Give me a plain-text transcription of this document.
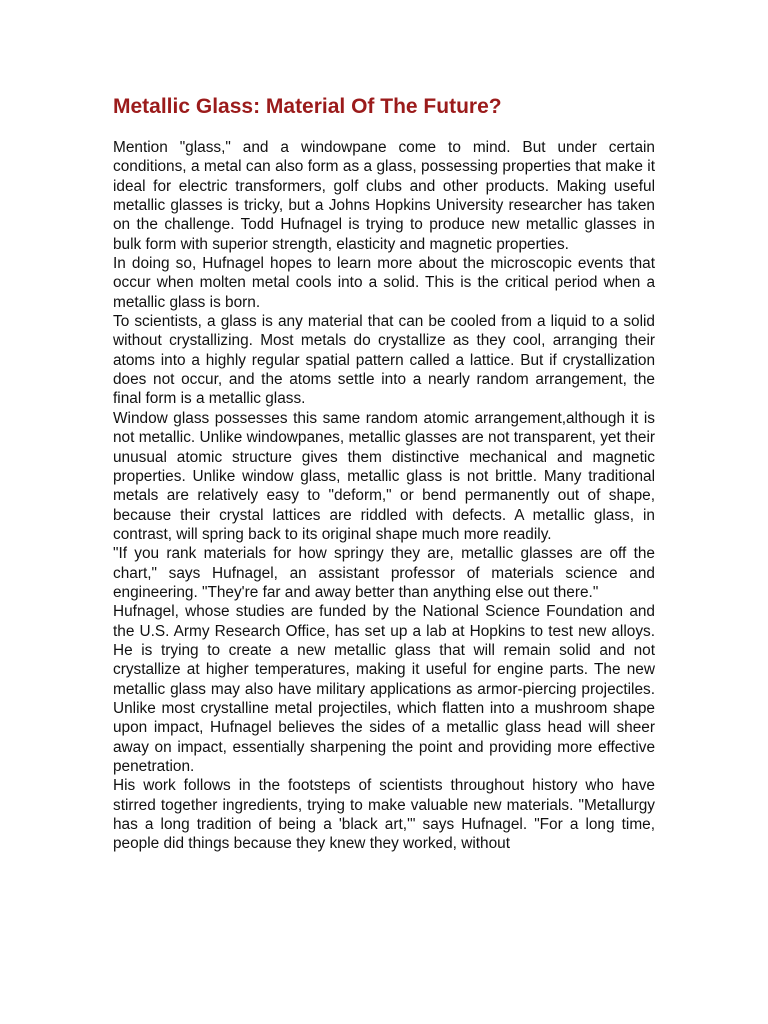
Metallic Glass: Material Of The Future?

Mention "glass," and a windowpane come to mind. But under certain conditions, a metal can also form as a glass, possessing properties that make it ideal for electric transformers, golf clubs and other products. Making useful metallic glasses is tricky, but a Johns Hopkins University researcher has taken on the challenge. Todd Hufnagel is trying to produce new metallic glasses in bulk form with superior strength, elasticity and magnetic properties.

In doing so, Hufnagel hopes to learn more about the microscopic events that occur when molten metal cools into a solid. This is the critical period when a metallic glass is born.

To scientists, a glass is any material that can be cooled from a liquid to a solid without crystallizing. Most metals do crystallize as they cool, arranging their atoms into a highly regular spatial pattern called a lattice. But if crystallization does not occur, and the atoms settle into a nearly random arrangement, the final form is a metallic glass.

Window glass possesses this same random atomic arrangement,although it is not metallic. Unlike windowpanes, metallic glasses are not transparent, yet their unusual atomic structure gives them distinctive mechanical and magnetic properties. Unlike window glass, metallic glass is not brittle. Many traditional metals are relatively easy to "deform," or bend permanently out of shape, because their crystal lattices are riddled with defects. A metallic glass, in contrast, will spring back to its original shape much more readily.

"If you rank materials for how springy they are, metallic glasses are off the chart," says Hufnagel, an assistant professor of materials science and engineering. "They're far and away better than anything else out there."

Hufnagel, whose studies are funded by the National Science Foundation and the U.S. Army Research Office, has set up a lab at Hopkins to test new alloys. He is trying to create a new metallic glass that will remain solid and not crystallize at higher temperatures, making it useful for engine parts. The new metallic glass may also have military applications as armor-piercing projectiles. Unlike most crystalline metal projectiles, which flatten into a mushroom shape upon impact, Hufnagel believes the sides of a metallic glass head will sheer away on impact, essentially sharpening the point and providing more effective penetration.

His work follows in the footsteps of scientists throughout history who have stirred together ingredients, trying to make valuable new materials. "Metallurgy has a long tradition of being a 'black art,'" says Hufnagel. "For a long time, people did things because they knew they worked, without
